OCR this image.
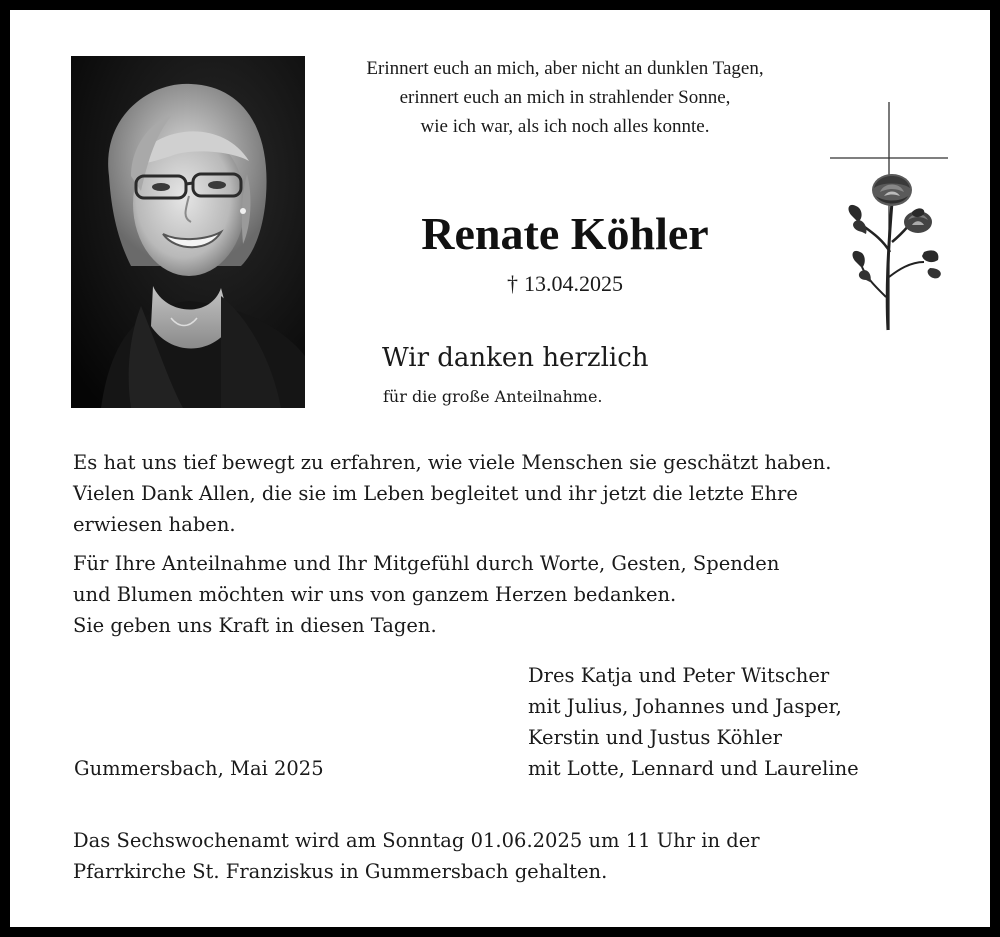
Erinnert euch an mich, aber nicht an dunklen Tagen,
erinnert euch an mich in strahlender Sonne,
wie ich war, als ich noch alles konnte.
Renate Köhler
† 13.04.2025
Wir danken herzlich
für die große Anteilnahme.

Es hat uns tief bewegt zu erfahren, wie viele Menschen sie geschätzt haben.
Vielen Dank Allen, die sie im Leben begleitet und ihr jetzt die letzte Ehre
erwiesen haben.

Für Ihre Anteilnahme und Ihr Mitgefühl durch Worte, Gesten, Spenden
und Blumen möchten wir uns von ganzem Herzen bedanken.
Sie geben uns Kraft in diesen Tagen.

Dres Katja und Peter Witscher
mit Julius, Johannes und Jasper,
Kerstin und Justus Köhler
mit Lotte, Lennard und Laureline
Gummersbach, Mai 2025
Das Sechswochenamt wird am Sonntag 01.06.2025 um 11 Uhr in der
Pfarrkirche St. Franziskus in Gummersbach gehalten.
